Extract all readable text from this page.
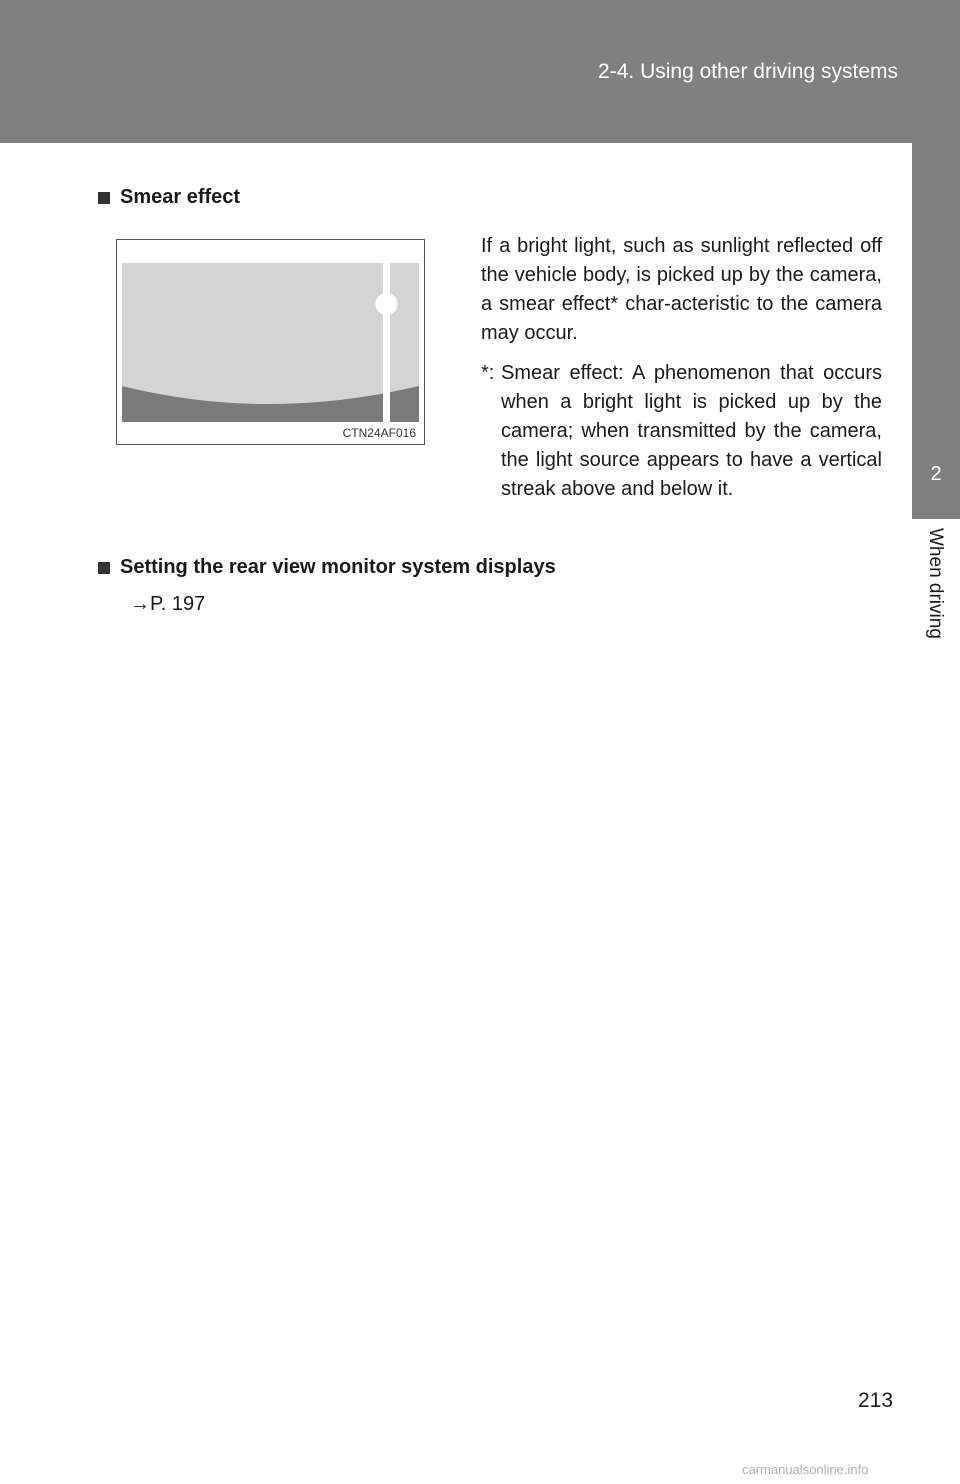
2-4. Using other driving systems
2
When driving
Smear effect
CTN24AF016

If a bright light, such as sunlight reflected off the vehicle body, is picked up by the camera, a smear effect* char-acteristic to the camera may occur.

*: Smear effect: A phenomenon that occurs when a bright light is picked up by the camera; when transmitted by the camera, the light source appears to have a vertical streak above and below it.

Setting the rear view monitor system displays
→P. 197
213
carmanualsonline.info
